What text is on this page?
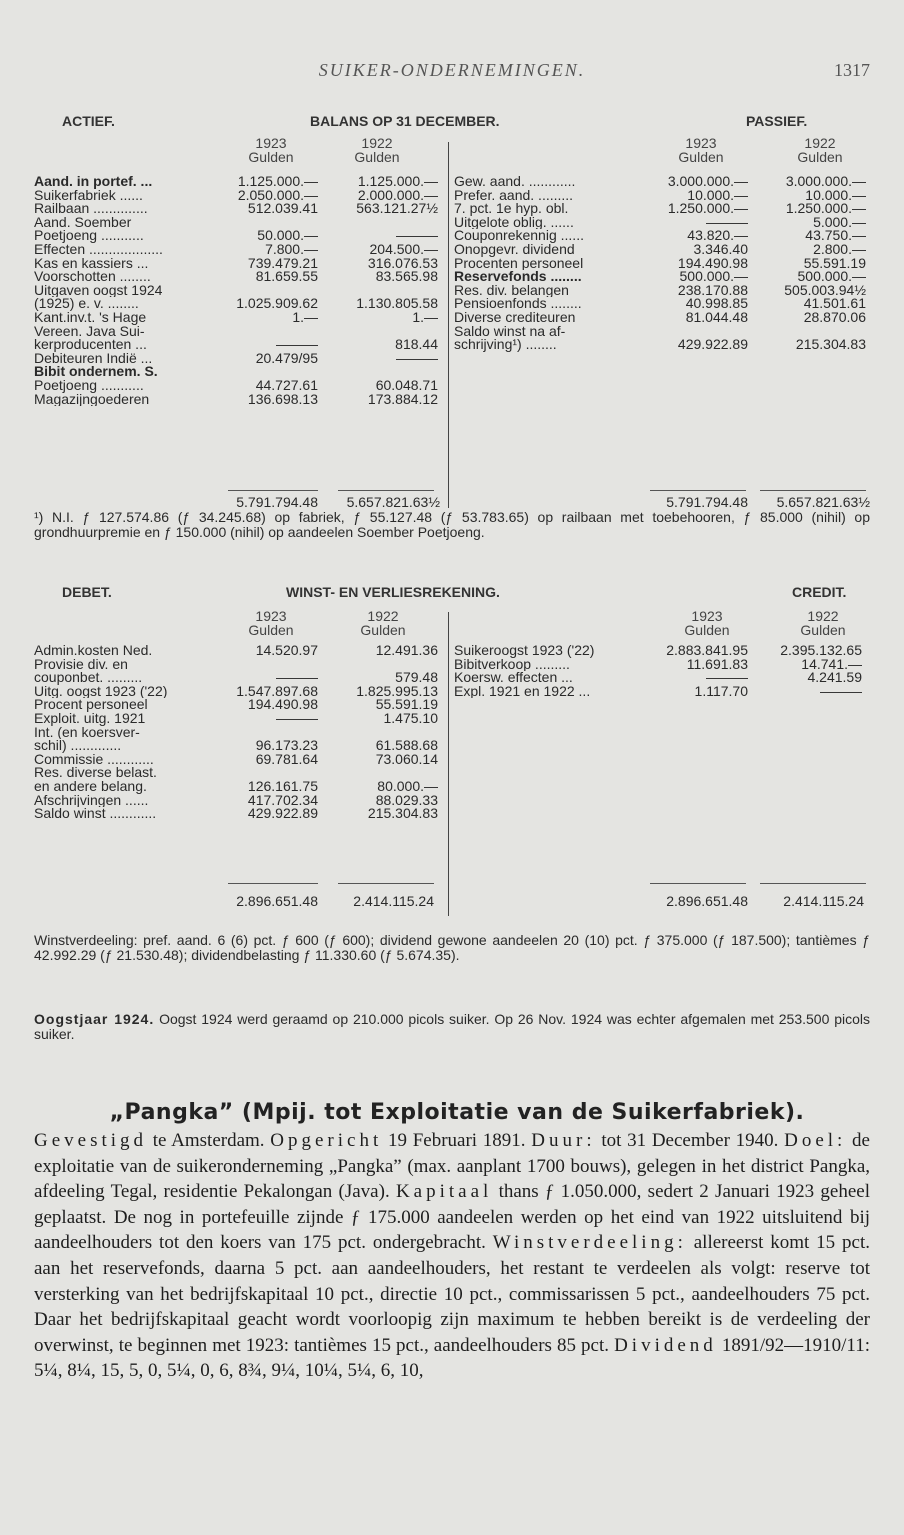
SUIKER-ONDERNEMINGEN.	1317
ACTIEF.	BALANS OP 31 DECEMBER.	PASSIEF.
1923
Gulden
1922
Gulden
1923
Gulden
1922
Gulden
Aand. in portef. ...	1.125.000.—	1.125.000.—
Suikerfabriek ......	2.050.000.—	2.000.000.—
Railbaan ..............	512.039.41	563.121.27½
Aand. Soember
Poetjoeng ...........	50.000.—	———
Effecten ...................	7.800.—	204.500.—
Kas en kassiers ...	739.479.21	316.076.53
Voorschotten ........	81.659.55	83.565.98
Uitgaven oogst 1924
(1925) e. v. ........	1.025.909.62	1.130.805.58
Kant.inv.t. 's Hage	1.—	1.—
Vereen. Java Sui-
kerproducenten ...	———	818.44
Debiteuren Indië ...	20.479/95	———
Bibit ondernem. S.
Poetjoeng ...........	44.727.61	60.048.71
Magazijngoederen	136.698.13	173.884.12
Gew. aand. ............	3.000.000.—	3.000.000.—
Prefer. aand. .........	10.000.—	10.000.—
7. pct. 1e hyp. obl.	1.250.000.—	1.250.000.—
Uitgelote oblig. ......	———	5.000.—
Couponrekennig ......	43.820.—	43.750.—
Onopgevr. dividend	3.346.40	2.800.—
Procenten personeel	194.490.98	55.591.19
Reservefonds ........	500.000.—	500.000.—
Res. div. belangen	238.170.88	505.003.94½
Pensioenfonds ........	40.998.85	41.501.61
Diverse crediteuren	81.044.48	28.870.06
Saldo winst na af-
schrijving¹) ........	429.922.89	215.304.83
5.791.794.48	5.657.821.63½	5.791.794.48	5.657.821.63½
¹) N.I. ƒ 127.574.86 (ƒ 34.245.68) op fabriek, ƒ 55.127.48 (ƒ 53.783.65) op railbaan met toebehooren, ƒ 85.000 (nihil) op grondhuurpremie en ƒ 150.000 (nihil) op aandeelen Soember Poetjoeng.
DEBET.	WINST- EN VERLIESREKENING.	CREDIT.
1923
Gulden
1922
Gulden
1923
Gulden
1922
Gulden
Admin.kosten Ned.	14.520.97	12.491.36
Provisie div. en
couponbet. .........	———	579.48
Uitg. oogst 1923 ('22)	1.547.897.68	1.825.995.13
Procent personeel	194.490.98	55.591.19
Exploit. uitg. 1921	———	1.475.10
Int. (en koersver-
schil) .............	96.173.23	61.588.68
Commissie ............	69.781.64	73.060.14
Res. diverse belast.
en andere belang.	126.161.75	80.000.—
Afschrijvingen ......	417.702.34	88.029.33
Saldo winst ............	429.922.89	215.304.83
Suikeroogst 1923 ('22)	2.883.841.95 2.395.132.65
Bibitverkoop .........	11.691.83	14.741.—
Koersw. effecten ...	———	4.241.59
Expl. 1921 en 1922 ...	1.117.70	———
2.896.651.48	2.414.115.24	2.896.651.48	2.414.115.24
Winstverdeeling: pref. aand. 6 (6) pct. ƒ 600 (ƒ 600); dividend gewone aandeelen 20 (10) pct. ƒ 375.000 (ƒ 187.500); tantièmes ƒ 42.992.29 (ƒ 21.530.48); dividendbelasting ƒ 11.330.60 (ƒ 5.674.35).
Oogstjaar 1924. Oogst 1924 werd geraamd op 210.000 picols suiker. Op 26 Nov. 1924 was echter afgemalen met 253.500 picols suiker.
„Pangka” (Mpij. tot Exploitatie van de Suikerfabriek).
Gevestigd te Amsterdam. Opgericht 19 Februari 1891. Duur: tot 31 December 1940. Doel: de exploitatie van de suikeronderneming „Pangka” (max. aanplant 1700 bouws), gelegen in het district Pangka, afdeeling Tegal, residentie Pekalongan (Java). Kapitaal thans ƒ 1.050.000, sedert 2 Januari 1923 geheel geplaatst. De nog in portefeuille zijnde ƒ 175.000 aandeelen werden op het eind van 1922 uitsluitend bij aandeelhouders tot den koers van 175 pct. ondergebracht. Winstverdeeling: allereerst komt 15 pct. aan het reservefonds, daarna 5 pct. aan aandeelhouders, het restant te verdeelen als volgt: reserve tot versterking van het bedrijfskapitaal 10 pct., directie 10 pct., commissarissen 5 pct., aandeelhouders 75 pct. Daar het bedrijfskapitaal geacht wordt voorloopig zijn maximum te hebben bereikt is de verdeeling der overwinst, te beginnen met 1923: tantièmes 15 pct., aandeelhouders 85 pct. Dividend 1891/92—1910/11: 5¼, 8¼, 15, 5, 0, 5¼, 0, 6, 8¾, 9¼, 10¼, 5¼, 6, 10,
